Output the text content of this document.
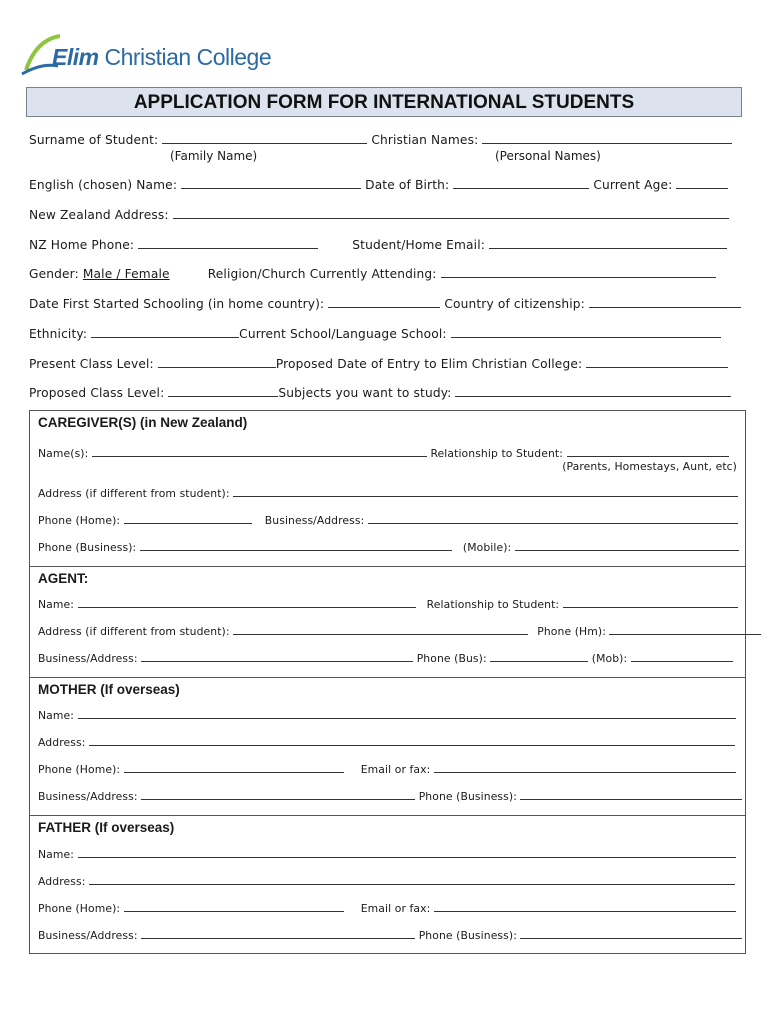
Elim Christian College
APPLICATION FORM FOR INTERNATIONAL STUDENTS
Surname of Student:	Christian Names:
(Family Name)	(Personal Names)
English (chosen) Name:	Date of Birth:	Current Age:
New Zealand Address:
NZ Home Phone:	Student/Home Email:
Gender: Male / Female	Religion/Church Currently Attending:
Date First Started Schooling (in home country):	Country of citizenship:
Ethnicity:	Current School/Language School:
Present Class Level:	Proposed Date of Entry to Elim Christian College:
Proposed Class Level:	Subjects you want to study:
CAREGIVER(S) (in New Zealand)
Name(s):	Relationship to Student:
(Parents, Homestays, Aunt, etc)
Address (if different from student):
Phone (Home):	Business/Address:
Phone (Business):	(Mobile):
AGENT:
Name:	Relationship to Student:
Address (if different from student):	Phone (Hm):
Business/Address:	Phone (Bus):	(Mob):
MOTHER (If overseas)
Name:
Address:
Phone (Home):	Email or fax:
Business/Address:	Phone (Business):
FATHER (If overseas)
Name:
Address:
Phone (Home):	Email or fax:
Business/Address:	Phone (Business):
